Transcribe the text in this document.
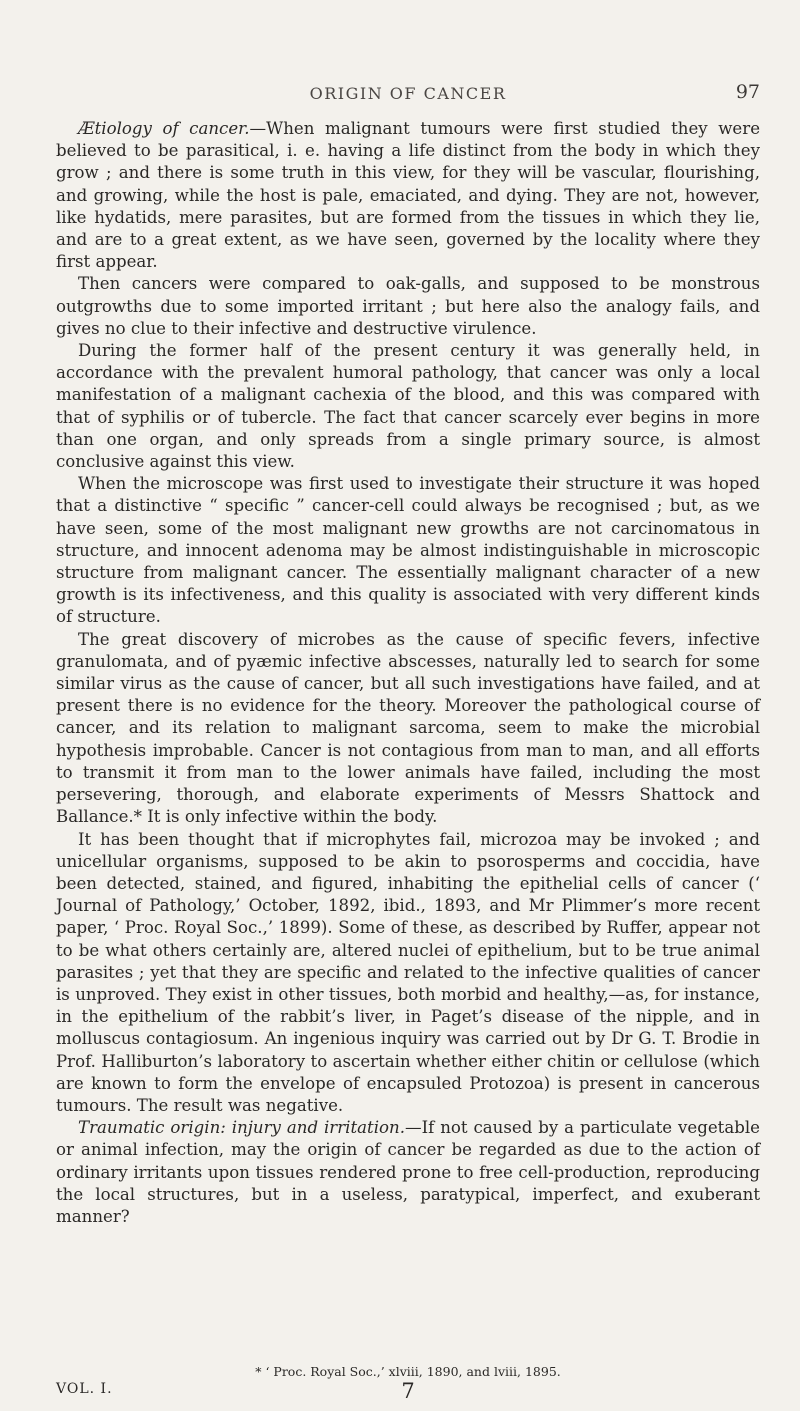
ORIGIN OF CANCER	97

Ætiology of cancer.—When malignant tumours were first studied they were believed to be parasitical, i. e. having a life distinct from the body in which they grow ; and there is some truth in this view, for they will be vascular, flourishing, and growing, while the host is pale, emaciated, and dying. They are not, however, like hydatids, mere parasites, but are formed from the tissues in which they lie, and are to a great extent, as we have seen, governed by the locality where they first appear.

Then cancers were compared to oak-galls, and supposed to be monstrous outgrowths due to some imported irritant ; but here also the analogy fails, and gives no clue to their infective and destructive virulence.

During the former half of the present century it was generally held, in accordance with the prevalent humoral pathology, that cancer was only a local manifestation of a malignant cachexia of the blood, and this was compared with that of syphilis or of tubercle. The fact that cancer scarcely ever begins in more than one organ, and only spreads from a single primary source, is almost conclusive against this view.

When the microscope was first used to investigate their structure it was hoped that a distinctive “ specific ” cancer-cell could always be recognised ; but, as we have seen, some of the most malignant new growths are not carcinomatous in structure, and innocent adenoma may be almost indistinguishable in microscopic structure from malignant cancer. The essentially malignant character of a new growth is its infectiveness, and this quality is associated with very different kinds of structure.

The great discovery of microbes as the cause of specific fevers, infective granulomata, and of pyæmic infective abscesses, naturally led to search for some similar virus as the cause of cancer, but all such investigations have failed, and at present there is no evidence for the theory. Moreover the pathological course of cancer, and its relation to malignant sarcoma, seem to make the microbial hypothesis improbable. Cancer is not contagious from man to man, and all efforts to transmit it from man to the lower animals have failed, including the most persevering, thorough, and elaborate experiments of Messrs Shattock and Ballance.* It is only infective within the body.

It has been thought that if microphytes fail, microzoa may be invoked ; and unicellular organisms, supposed to be akin to psorosperms and coccidia, have been detected, stained, and figured, inhabiting the epithelial cells of cancer (‘ Journal of Pathology,’ October, 1892, ibid., 1893, and Mr Plimmer’s more recent paper, ‘ Proc. Royal Soc.,’ 1899). Some of these, as described by Ruffer, appear not to be what others certainly are, altered nuclei of epithelium, but to be true animal parasites ; yet that they are specific and related to the infective qualities of cancer is unproved. They exist in other tissues, both morbid and healthy,—as, for instance, in the epithelium of the rabbit’s liver, in Paget’s disease of the nipple, and in molluscus contagiosum. An ingenious inquiry was carried out by Dr G. T. Brodie in Prof. Halliburton’s laboratory to ascertain whether either chitin or cellulose (which are known to form the envelope of encapsuled Protozoa) is present in cancerous tumours. The result was negative.

Traumatic origin: injury and irritation.—If not caused by a particulate vegetable or animal infection, may the origin of cancer be regarded as due to the action of ordinary irritants upon tissues rendered prone to free cell-production, reproducing the local structures, but in a useless, paratypical, imperfect, and exuberant manner?

* ‘ Proc. Royal Soc.,’ xlviii, 1890, and lviii, 1895.
VOL. I.	7
